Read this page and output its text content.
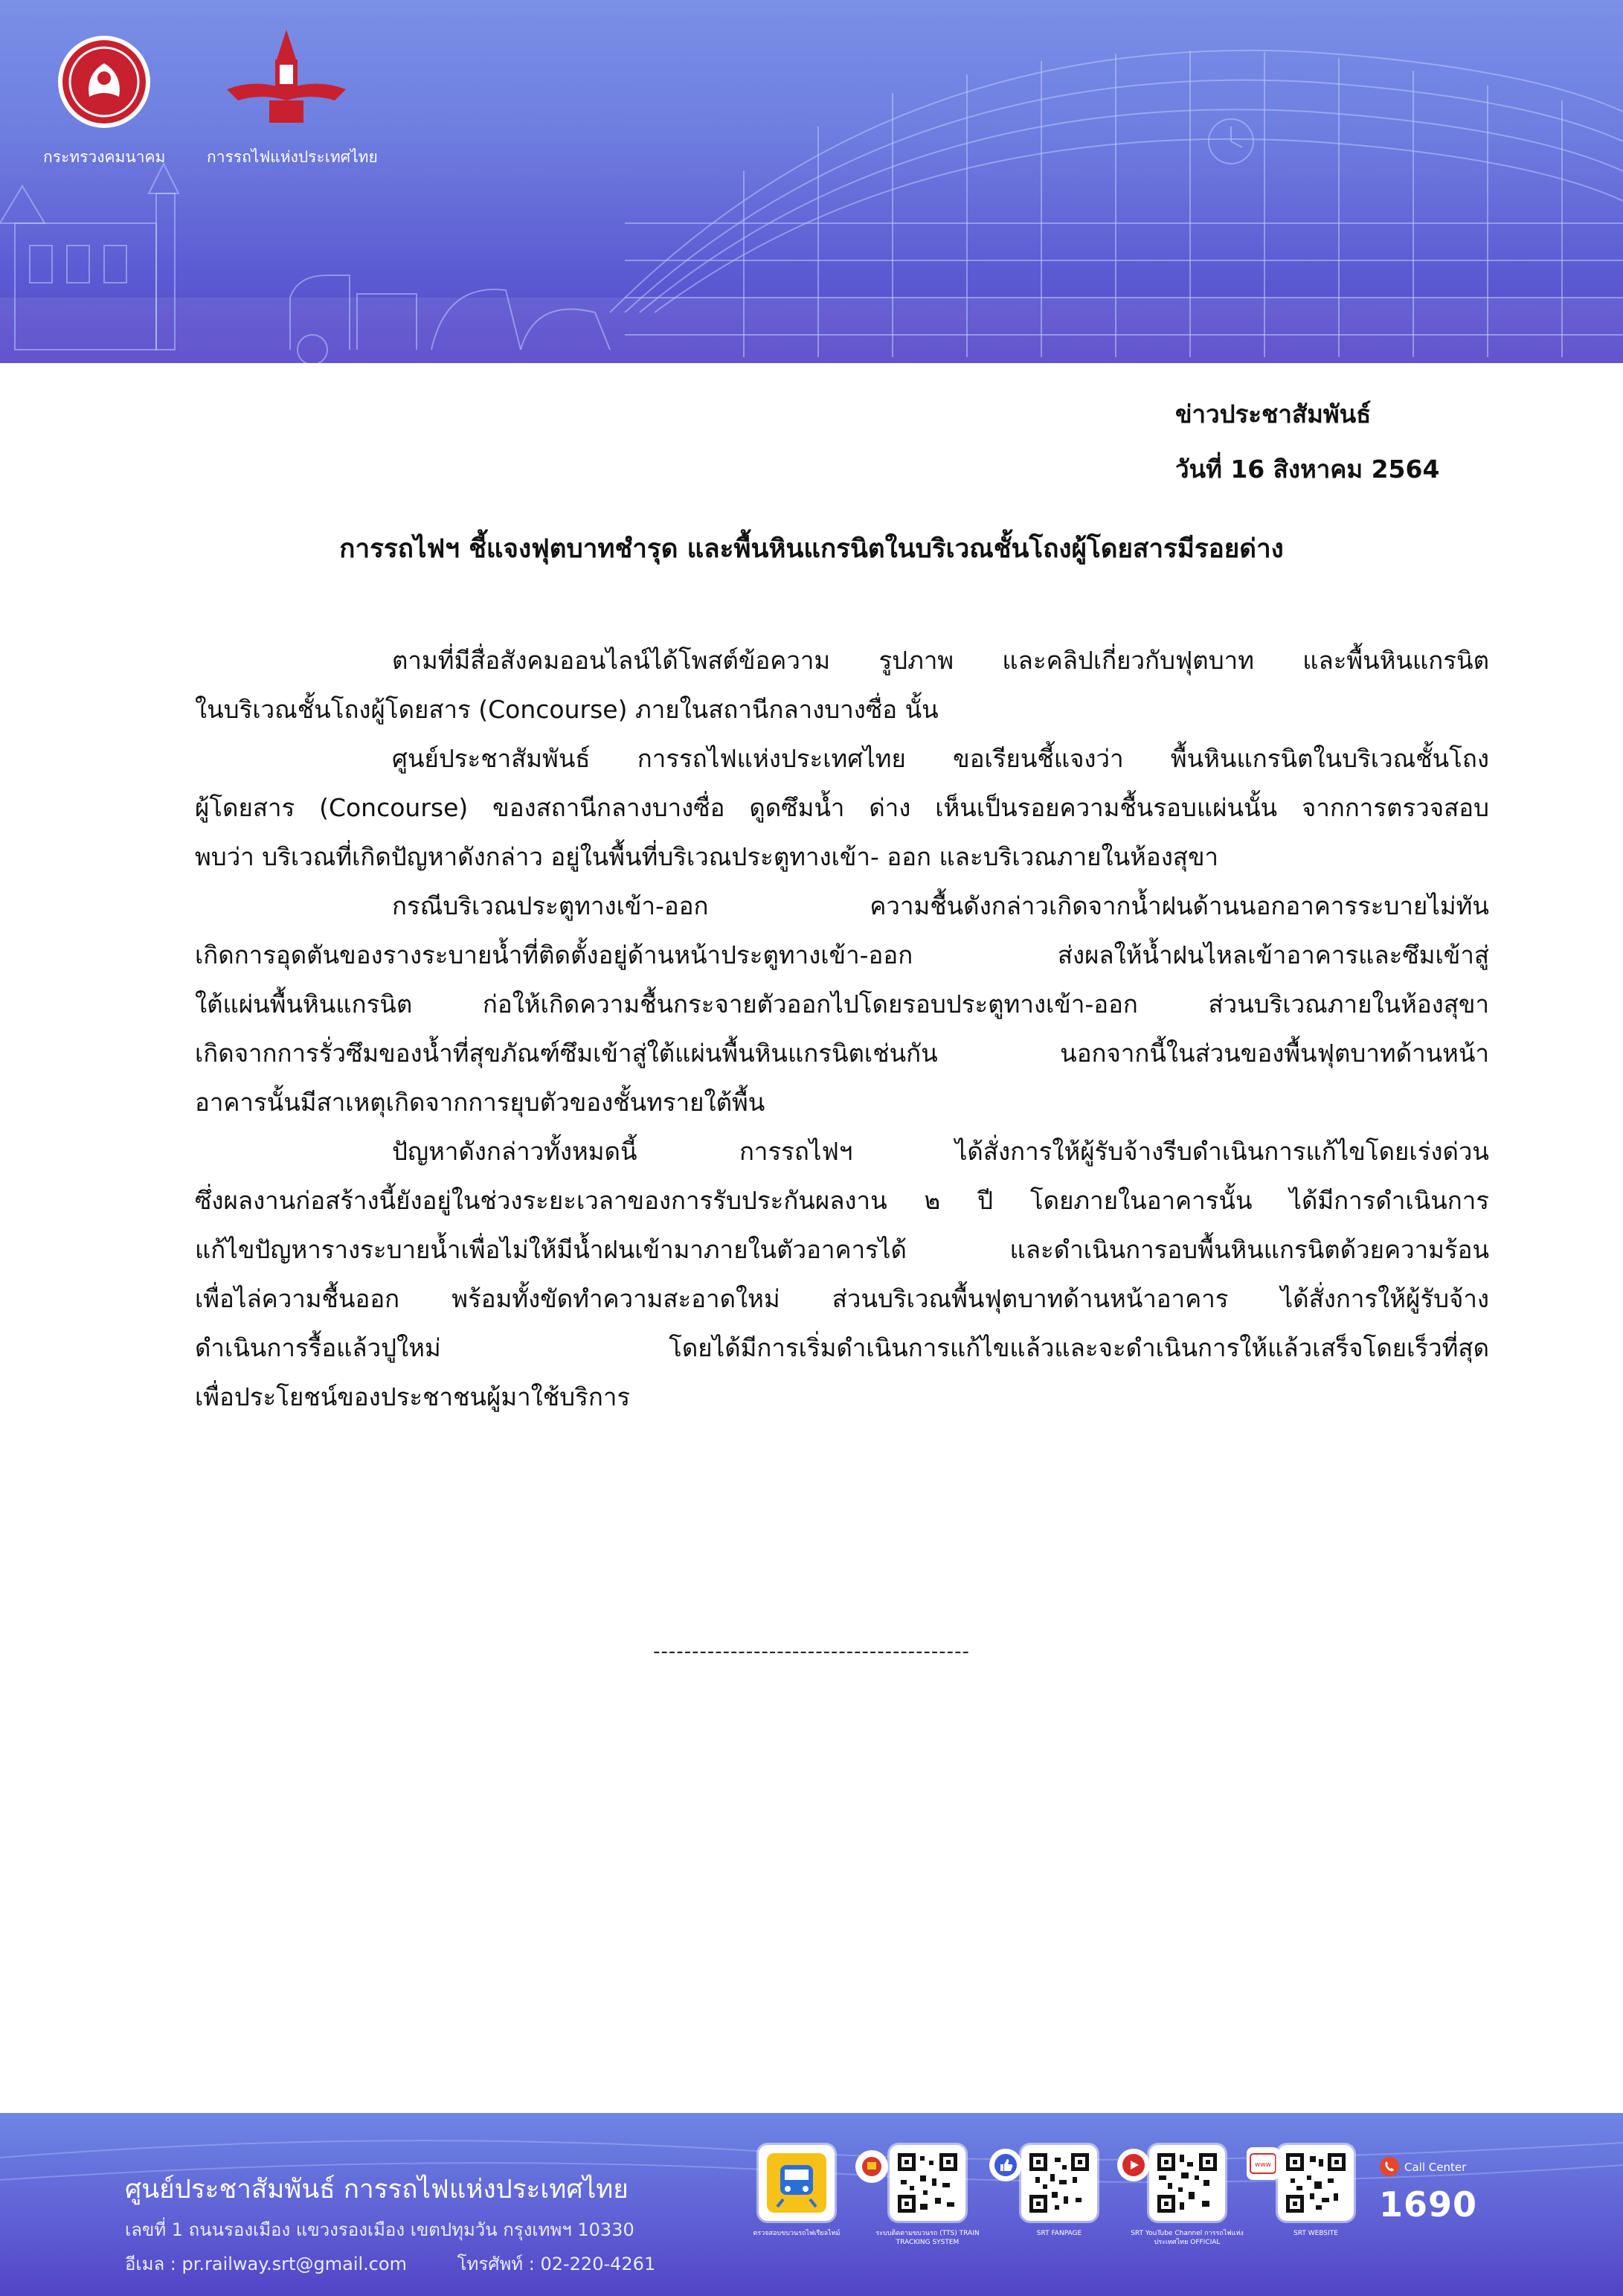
กระทรวงคมนาคม	การรถไฟแห่งประเทศไทย
ข่าวประชาสัมพันธ์
วันที่ 16 สิงหาคม 2564
การรถไฟฯ ชี้แจงฟุตบาทชำรุด และพื้นหินแกรนิตในบริเวณชั้นโถงผู้โดยสารมีรอยด่าง
ตามที่มีสื่อสังคมออนไลน์ได้โพสต์ข้อความ รูปภาพ และคลิปเกี่ยวกับฟุตบาท และพื้นหินแกรนิต
ในบริเวณชั้นโถงผู้โดยสาร (Concourse) ภายในสถานีกลางบางซื่อ นั้น
ศูนย์ประชาสัมพันธ์ การรถไฟแห่งประเทศไทย ขอเรียนชี้แจงว่า พื้นหินแกรนิตในบริเวณชั้นโถง
ผู้โดยสาร (Concourse) ของสถานีกลางบางซื่อ ดูดซึมน้ำ ด่าง เห็นเป็นรอยความชื้นรอบแผ่นนั้น จากการตรวจสอบ
พบว่า บริเวณที่เกิดปัญหาดังกล่าว อยู่ในพื้นที่บริเวณประตูทางเข้า- ออก และบริเวณภายในห้องสุขา
กรณีบริเวณประตูทางเข้า-ออก ความชื้นดังกล่าวเกิดจากน้ำฝนด้านนอกอาคารระบายไม่ทัน
เกิดการอุดตันของรางระบายน้ำที่ติดตั้งอยู่ด้านหน้าประตูทางเข้า-ออก ส่งผลให้น้ำฝนไหลเข้าอาคารและซึมเข้าสู่
ใต้แผ่นพื้นหินแกรนิต ก่อให้เกิดความชื้นกระจายตัวออกไปโดยรอบประตูทางเข้า-ออก ส่วนบริเวณภายในห้องสุขา
เกิดจากการรั่วซึมของน้ำที่สุขภัณฑ์ซึมเข้าสู่ใต้แผ่นพื้นหินแกรนิตเช่นกัน นอกจากนี้ในส่วนของพื้นฟุตบาทด้านหน้า
อาคารนั้นมีสาเหตุเกิดจากการยุบตัวของชั้นทรายใต้พื้น
ปัญหาดังกล่าวทั้งหมดนี้ การรถไฟฯ ได้สั่งการให้ผู้รับจ้างรีบดำเนินการแก้ไขโดยเร่งด่วน
ซึ่งผลงานก่อสร้างนี้ยังอยู่ในช่วงระยะเวลาของการรับประกันผลงาน ๒ ปี โดยภายในอาคารนั้น ได้มีการดำเนินการ
แก้ไขปัญหารางระบายน้ำเพื่อไม่ให้มีน้ำฝนเข้ามาภายในตัวอาคารได้ และดำเนินการอบพื้นหินแกรนิตด้วยความร้อน
เพื่อไล่ความชื้นออก พร้อมทั้งขัดทำความสะอาดใหม่ ส่วนบริเวณพื้นฟุตบาทด้านหน้าอาคาร ได้สั่งการให้ผู้รับจ้าง
ดำเนินการรื้อแล้วปูใหม่ โดยได้มีการเริ่มดำเนินการแก้ไขแล้วและจะดำเนินการให้แล้วเสร็จโดยเร็วที่สุด
เพื่อประโยชน์ของประชาชนผู้มาใช้บริการ
-----------------------------------------
ศูนย์ประชาสัมพันธ์ การรถไฟแห่งประเทศไทย
เลขที่ 1 ถนนรองเมือง แขวงรองเมือง เขตปทุมวัน กรุงเทพฯ 10330
อีเมล : pr.railway.srt@gmail.com	โทรศัพท์ : 02-220-4261
ตรวจสอบขบวนรถไฟเรียลไทม์	ระบบติดตามขบวนรถ (TTS) TRAIN TRACKING SYSTEM
SRT FANPAGE	SRT YouTube Channel การรถไฟแห่งประเทศไทย OFFICIAL
www
SRT WEBSITE
Call Center
1690
